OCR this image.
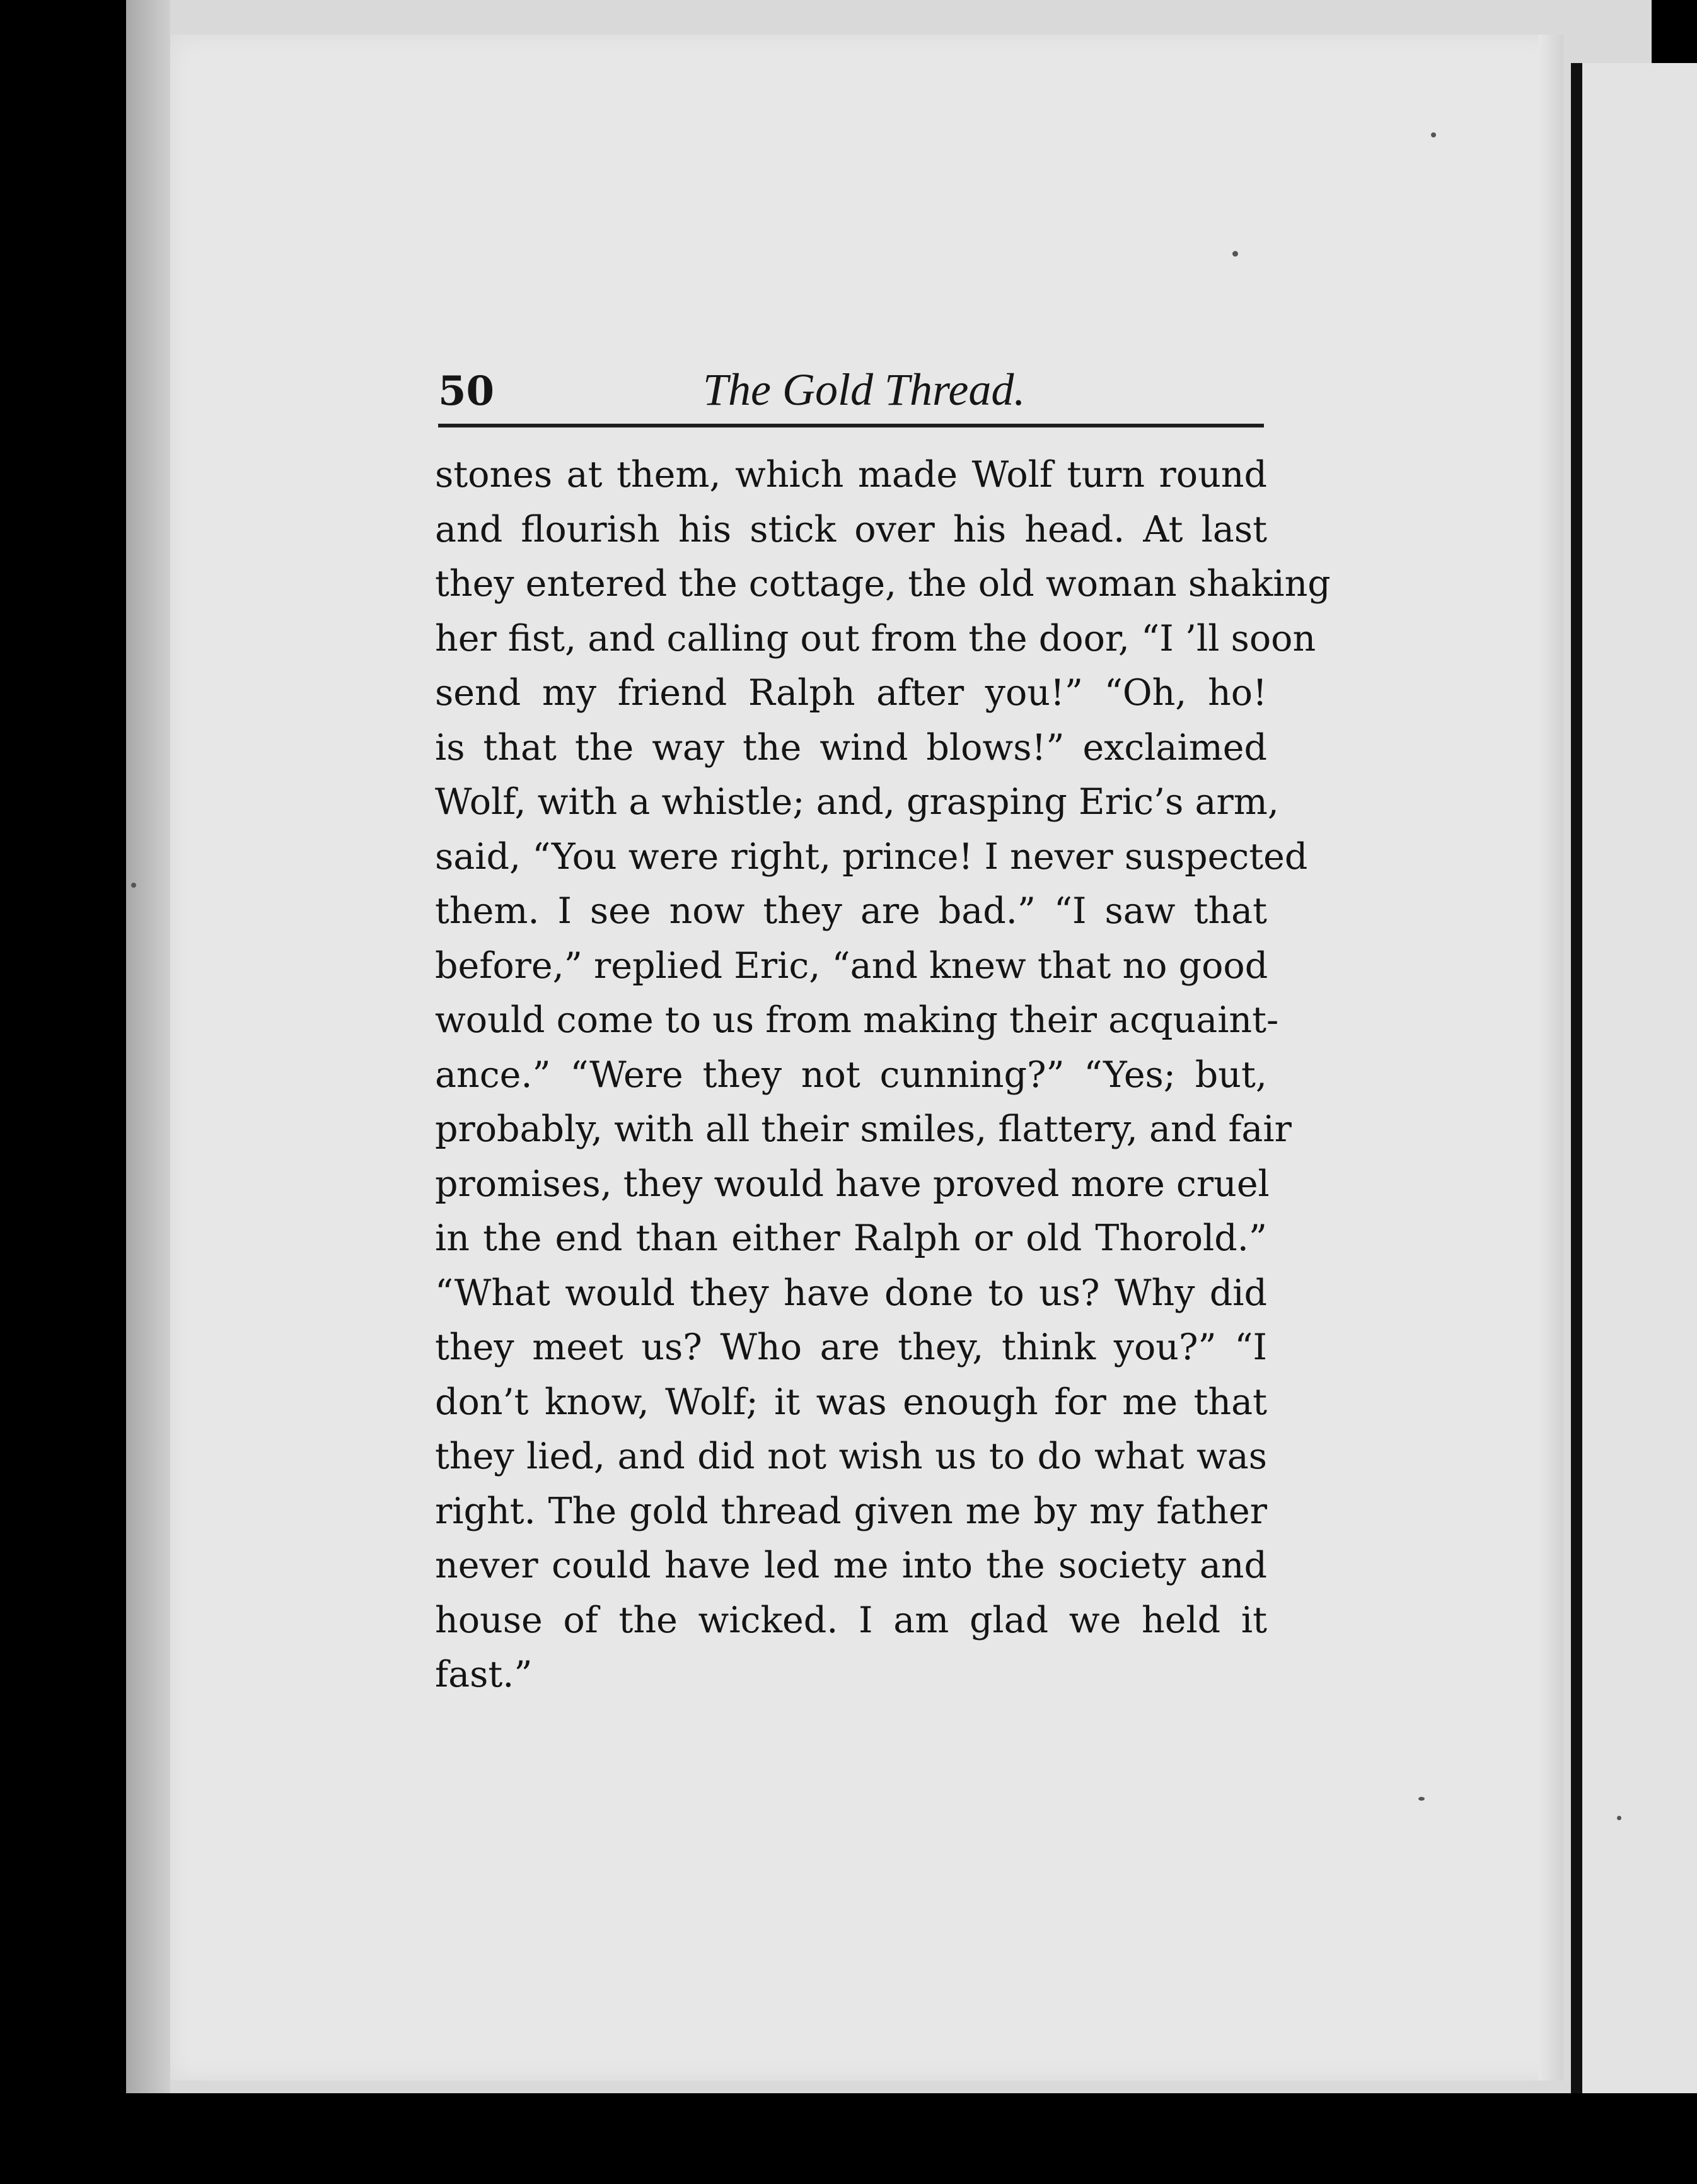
50	The Gold Thread.
stones at them, which made Wolf turn round
and flourish his stick over his head. At last
they entered the cottage, the old woman shaking
her fist, and calling out from the door, “I ’ll soon
send my friend Ralph after you!” “Oh, ho!
is that the way the wind blows!” exclaimed
Wolf, with a whistle; and, grasping Eric’s arm,
said, “You were right, prince! I never suspected
them. I see now they are bad.” “I saw that
before,” replied Eric, “and knew that no good
would come to us from making their acquaint-
ance.” “Were they not cunning?” “Yes; but,
probably, with all their smiles, flattery, and fair
promises, they would have proved more cruel
in the end than either Ralph or old Thorold.”
“What would they have done to us? Why did
they meet us? Who are they, think you?” “I
don’t know, Wolf; it was enough for me that
they lied, and did not wish us to do what was
right. The gold thread given me by my father
never could have led me into the society and
house of the wicked. I am glad we held it
fast.”
